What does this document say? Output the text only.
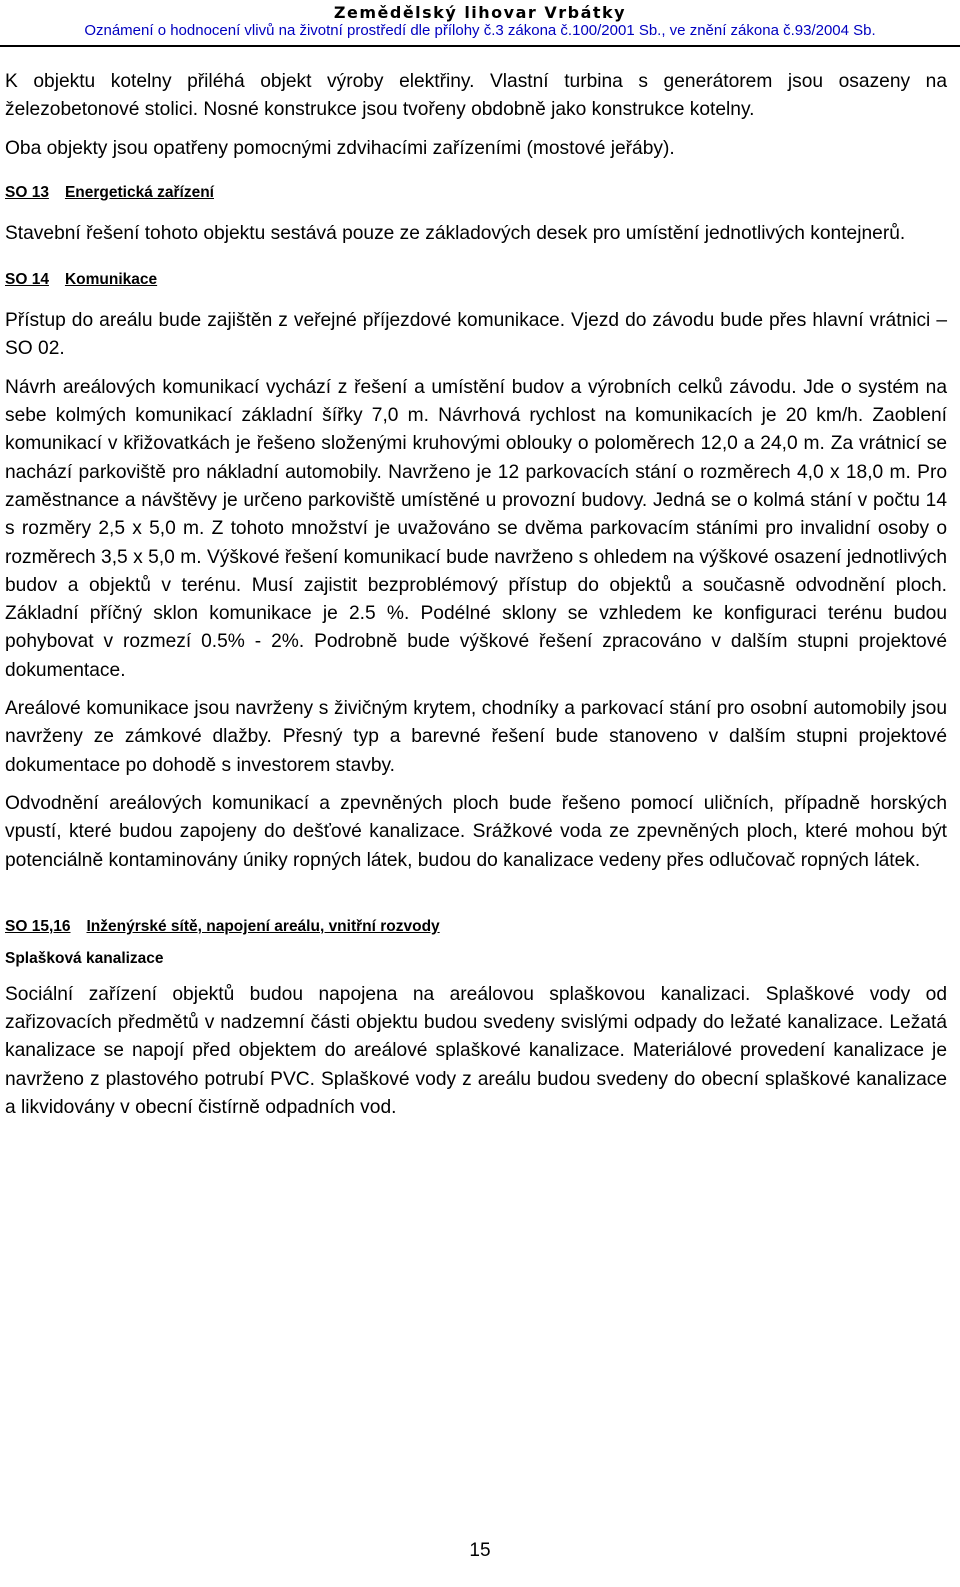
Zemědělský lihovar Vrbátky
Oznámení o hodnocení vlivů na životní prostředí dle přílohy č.3 zákona č.100/2001 Sb., ve znění zákona č.93/2004 Sb.

K objektu kotelny přiléhá objekt výroby elektřiny. Vlastní turbina s generátorem jsou osazeny na železobetonové stolici. Nosné konstrukce jsou tvořeny obdobně jako konstrukce kotelny.

Oba objekty jsou opatřeny pomocnými zdvihacími zařízeními (mostové jeřáby).

SO 13 Energetická zařízení

Stavební řešení tohoto objektu sestává pouze ze základových desek pro umístění jednotlivých kontejnerů.

SO 14 Komunikace

Přístup do areálu bude zajištěn z veřejné příjezdové komunikace. Vjezd do závodu bude přes hlavní vrátnici – SO 02.

Návrh areálových komunikací vychází z řešení a umístění budov a výrobních celků závodu. Jde o systém na sebe kolmých komunikací základní šířky 7,0 m. Návrhová rychlost na komunikacích je 20 km/h. Zaoblení komunikací v křižovatkách je řešeno složenými kruhovými oblouky o poloměrech 12,0 a 24,0 m. Za vrátnicí se nachází parkoviště pro nákladní automobily. Navrženo je 12 parkovacích stání o rozměrech 4,0 x 18,0 m. Pro zaměstnance a návštěvy je určeno parkoviště umístěné u provozní budovy. Jedná se o kolmá stání v počtu 14 s rozměry 2,5 x 5,0 m. Z tohoto množství je uvažováno se dvěma parkovacím stáními pro invalidní osoby o rozměrech 3,5 x 5,0 m. Výškové řešení komunikací bude navrženo s ohledem na výškové osazení jednotlivých budov a objektů v terénu. Musí zajistit bezproblémový přístup do objektů a současně odvodnění ploch. Základní příčný sklon komunikace je 2.5 %. Podélné sklony se vzhledem ke konfiguraci terénu budou pohybovat v rozmezí 0.5% - 2%. Podrobně bude výškové řešení zpracováno v dalším stupni projektové dokumentace.

Areálové komunikace jsou navrženy s živičným krytem, chodníky a parkovací stání pro osobní automobily jsou navrženy ze zámkové dlažby. Přesný typ a barevné řešení bude stanoveno v dalším stupni projektové dokumentace po dohodě s investorem stavby.

Odvodnění areálových komunikací a zpevněných ploch bude řešeno pomocí uličních, případně horských vpustí, které budou zapojeny do dešťové kanalizace. Srážkové voda ze zpevněných ploch, které mohou být potenciálně kontaminovány úniky ropných látek, budou do kanalizace vedeny přes odlučovač ropných látek.

SO 15,16 Inženýrské sítě, napojení areálu, vnitřní rozvody
Splašková kanalizace

Sociální zařízení objektů budou napojena na areálovou splaškovou kanalizaci. Splaškové vody od zařizovacích předmětů v nadzemní části objektu budou svedeny svislými odpady do ležaté kanalizace. Ležatá kanalizace se napojí před objektem do areálové splaškové kanalizace. Materiálové provedení kanalizace je navrženo z plastového potrubí PVC. Splaškové vody z areálu budou svedeny do obecní splaškové kanalizace a likvidovány v obecní čistírně odpadních vod.

15
